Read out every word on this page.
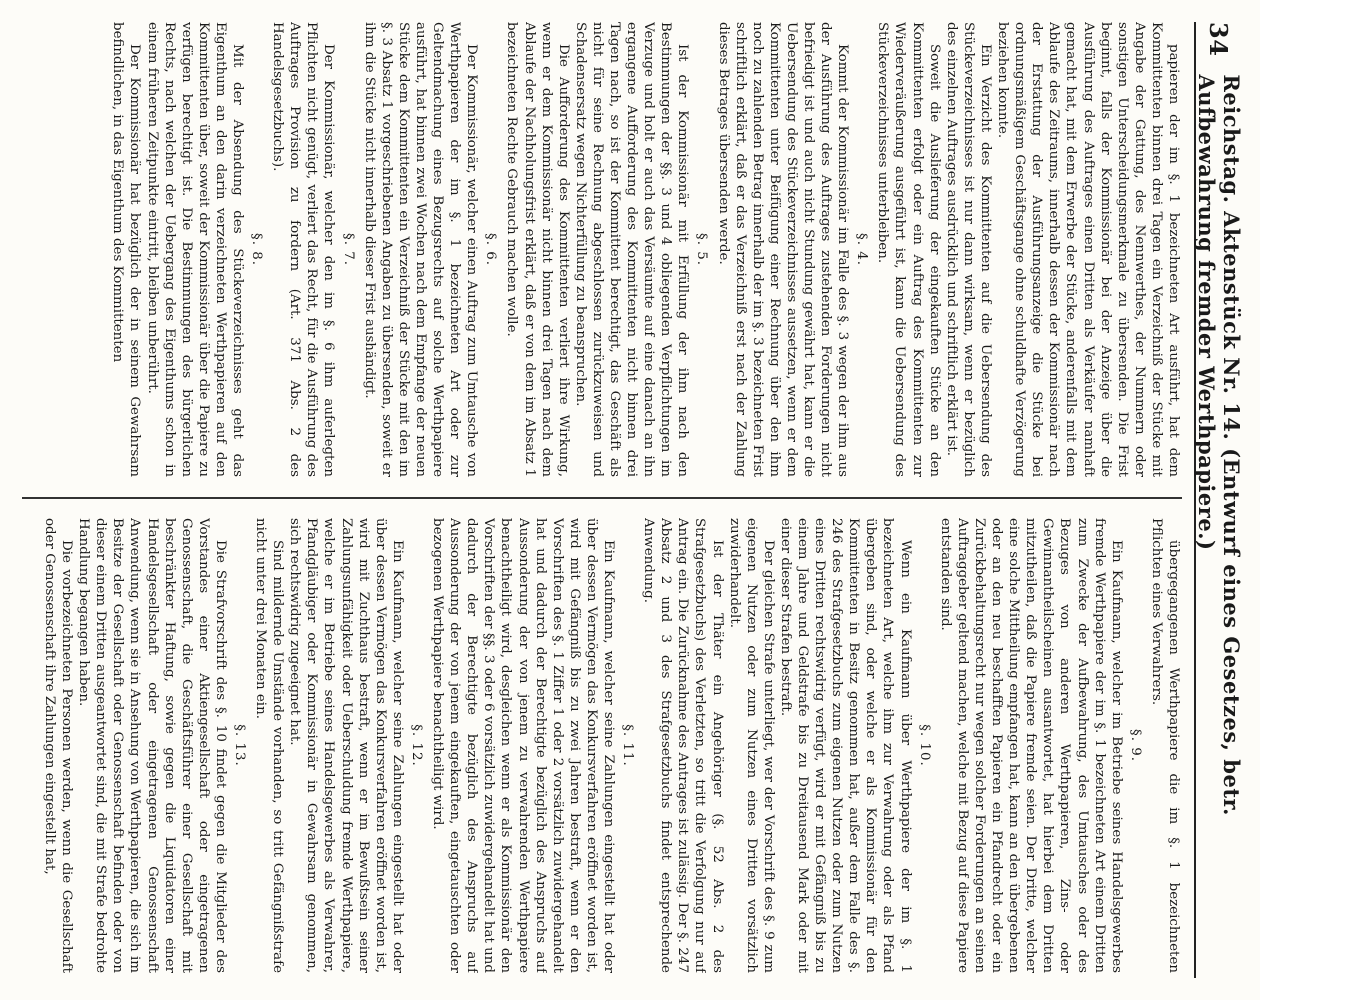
34
Reichstag. Aktenstück Nr. 14. (Entwurf eines Gesetzes, betr. Aufbewahrung fremder Werthpapiere.)

papieren der im §. 1 bezeichneten Art ausführt, hat dem Kommittenten binnen drei Tagen ein Verzeichniß der Stücke mit Angabe der Gattung, des Nennwerthes, der Nummern oder sonstigen Unterscheidungsmerkmale zu übersenden. Die Frist beginnt, falls der Kommissionär bei der Anzeige über die Ausführung des Auftrages einen Dritten als Verkäufer namhaft gemacht hat, mit dem Erwerbe der Stücke, anderenfalls mit dem Ablaufe des Zeitraums, innerhalb dessen der Kommissionär nach der Erstattung der Ausführungsanzeige die Stücke bei ordnungsmäßigem Geschäftsgange ohne schuldhafte Verzögerung beziehen konnte.

Ein Verzicht des Kommittenten auf die Uebersendung des Stückeverzeichnisses ist nur dann wirksam, wenn er bezüglich des einzelnen Auftrages ausdrücklich und schriftlich erklärt ist.

Soweit die Auslieferung der eingekauften Stücke an den Kommittenten erfolgt oder ein Auftrag des Kommittenten zur Wiederveräußerung ausgeführt ist, kann die Uebersendung des Stückeverzeichnisses unterbleiben.

§. 4.

Kommt der Kommissionär im Falle des §. 3 wegen der ihm aus der Ausführung des Auftrages zustehenden Forderungen nicht befriedigt ist und auch nicht Stundung gewährt hat, kann er die Uebersendung des Stückeverzeichnisses aussetzen, wenn er dem Kommittenten unter Beifügung einer Rechnung über den ihm noch zu zahlenden Betrag innerhalb der im §. 3 bezeichneten Frist schriftlich erklärt, daß er das Verzeichniß erst nach der Zahlung dieses Betrages übersenden werde.

§. 5.

Ist der Kommissionär mit Erfüllung der ihm nach den Bestimmungen der §§. 3 und 4 obliegenden Verpflichtungen im Verzuge und holt er auch das Versäumte auf eine danach an ihn ergangene Aufforderung des Kommittenten nicht binnen drei Tagen nach, so ist der Kommittent berechtigt, das Geschäft als nicht für seine Rechnung abgeschlossen zurückzuweisen und Schadensersatz wegen Nichterfüllung zu beanspruchen.

Die Aufforderung des Kommittenten verliert ihre Wirkung, wenn er dem Kommissionär nicht binnen drei Tagen nach dem Ablaufe der Nachholungsfrist erklärt, daß er von dem im Absatz 1 bezeichneten Rechte Gebrauch machen wolle.

§. 6.

Der Kommissionär, welcher einen Auftrag zum Umtausche von Werthpapieren der im §. 1 bezeichneten Art oder zur Geltendmachung eines Bezugsrechts auf solche Werthpapiere ausführt, hat binnen zwei Wochen nach dem Empfange der neuen Stücke dem Kommittenten ein Verzeichniß der Stücke mit den im §. 3 Absatz 1 vorgeschriebenen Angaben zu übersenden, soweit er ihm die Stücke nicht innerhalb dieser Frist aushändigt.

§. 7.

Der Kommissionär, welcher den im §. 6 ihm auferlegten Pflichten nicht genügt, verliert das Recht, für die Ausführung des Auftrages Provision zu fordern (Art. 371 Abs. 2 des Handelsgesetzbuchs).

§. 8.

Mit der Absendung des Stückeverzeichnisses geht das Eigenthum an den darin verzeichneten Werthpapieren auf den Kommittenten über, soweit der Kommissionär über die Papiere zu verfügen berechtigt ist. Die Bestimmungen des bürgerlichen Rechts, nach welchen der Uebergang des Eigenthums schon in einem früheren Zeitpunkte eintritt, bleiben unberührt.

Der Kommissionär hat bezüglich der in seinem Gewahrsam befindlichen, in das Eigenthum des Kommittenten

übergegangenen Werthpapiere die im §. 1 bezeichneten Pflichten eines Verwahrers.

§. 9.

Ein Kaufmann, welcher im Betriebe seines Handelsgewerbes fremde Werthpapiere der im §. 1 bezeichneten Art einem Dritten zum Zwecke der Aufbewahrung, des Umtausches oder des Bezuges von anderen Werthpapieren, Zins- oder Gewinnantheilscheinen ausantwortet, hat hierbei dem Dritten mitzutheilen, daß die Papiere fremde seien. Der Dritte, welcher eine solche Mittheilung empfangen hat, kann an den übergebenen oder an den neu beschafften Papieren ein Pfandrecht oder ein Zurückbehaltungsrecht nur wegen solcher Forderungen an seinen Auftraggeber geltend machen, welche mit Bezug auf diese Papiere entstanden sind.

§. 10.

Wenn ein Kaufmann über Werthpapiere der im §. 1 bezeichneten Art, welche ihm zur Verwahrung oder als Pfand übergeben sind, oder welche er als Kommissionär für den Kommittenten in Besitz genommen hat, außer dem Falle des §. 246 des Strafgesetzbuchs zum eigenen Nutzen oder zum Nutzen eines Dritten rechtswidrig verfügt, wird er mit Gefängniß bis zu einem Jahre und Geldstrafe bis zu Dreitausend Mark oder mit einer dieser Strafen bestraft.

Der gleichen Strafe unterliegt, wer der Vorschrift des §. 9 zum eigenen Nutzen oder zum Nutzen eines Dritten vorsätzlich zuwiderhandelt.

Ist der Thäter ein Angehöriger (§. 52 Abs. 2 des Strafgesetzbuchs) des Verletzten, so tritt die Verfolgung nur auf Antrag ein. Die Zurücknahme des Antrages ist zulässig. Der §. 247 Absatz 2 und 3 des Strafgesetzbuchs findet entsprechende Anwendung.

§. 11.

Ein Kaufmann, welcher seine Zahlungen eingestellt hat oder über dessen Vermögen das Konkursverfahren eröffnet worden ist, wird mit Gefängniß bis zu zwei Jahren bestraft, wenn er den Vorschriften des §. 1 Ziffer 1 oder 2 vorsätzlich zuwidergehandelt hat und dadurch der Berechtigte bezüglich des Anspruchs auf Aussonderung der von jenem zu verwahrenden Werthpapiere benachtheiligt wird, desgleichen wenn er als Kommissionär den Vorschriften der §§. 3 oder 6 vorsätzlich zuwidergehandelt hat und dadurch der Berechtigte bezüglich des Anspruchs auf Aussonderung der von jenem eingekauften, eingetauschten oder bezogenen Werthpapiere benachtheiligt wird.

§. 12.

Ein Kaufmann, welcher seine Zahlungen eingestellt hat oder über dessen Vermögen das Konkursverfahren eröffnet worden ist, wird mit Zuchthaus bestraft, wenn er im Bewußtsein seiner Zahlungsunfähigkeit oder Ueberschuldung fremde Werthpapiere, welche er im Betriebe seines Handelsgewerbes als Verwahrer, Pfandgläubiger oder Kommissionär in Gewahrsam genommen, sich rechtswidrig zugeeignet hat.

Sind mildernde Umstände vorhanden, so tritt Gefängnißstrafe nicht unter drei Monaten ein.

§. 13.

Die Strafvorschrift des §. 10 findet gegen die Mitglieder des Vorstandes einer Aktiengesellschaft oder eingetragenen Genossenschaft, die Geschäftsführer einer Gesellschaft mit beschränkter Haftung, sowie gegen die Liquidatoren einer Handelsgesellschaft oder eingetragenen Genossenschaft Anwendung, wenn sie in Ansehung von Werthpapieren, die sich im Besitze der Gesellschaft oder Genossenschaft befinden oder von dieser einem Dritten ausgeantwortet sind, die mit Strafe bedrohte Handlung begangen haben.

Die vorbezeichneten Personen werden, wenn die Gesellschaft oder Genossenschaft ihre Zahlungen eingestellt hat,
